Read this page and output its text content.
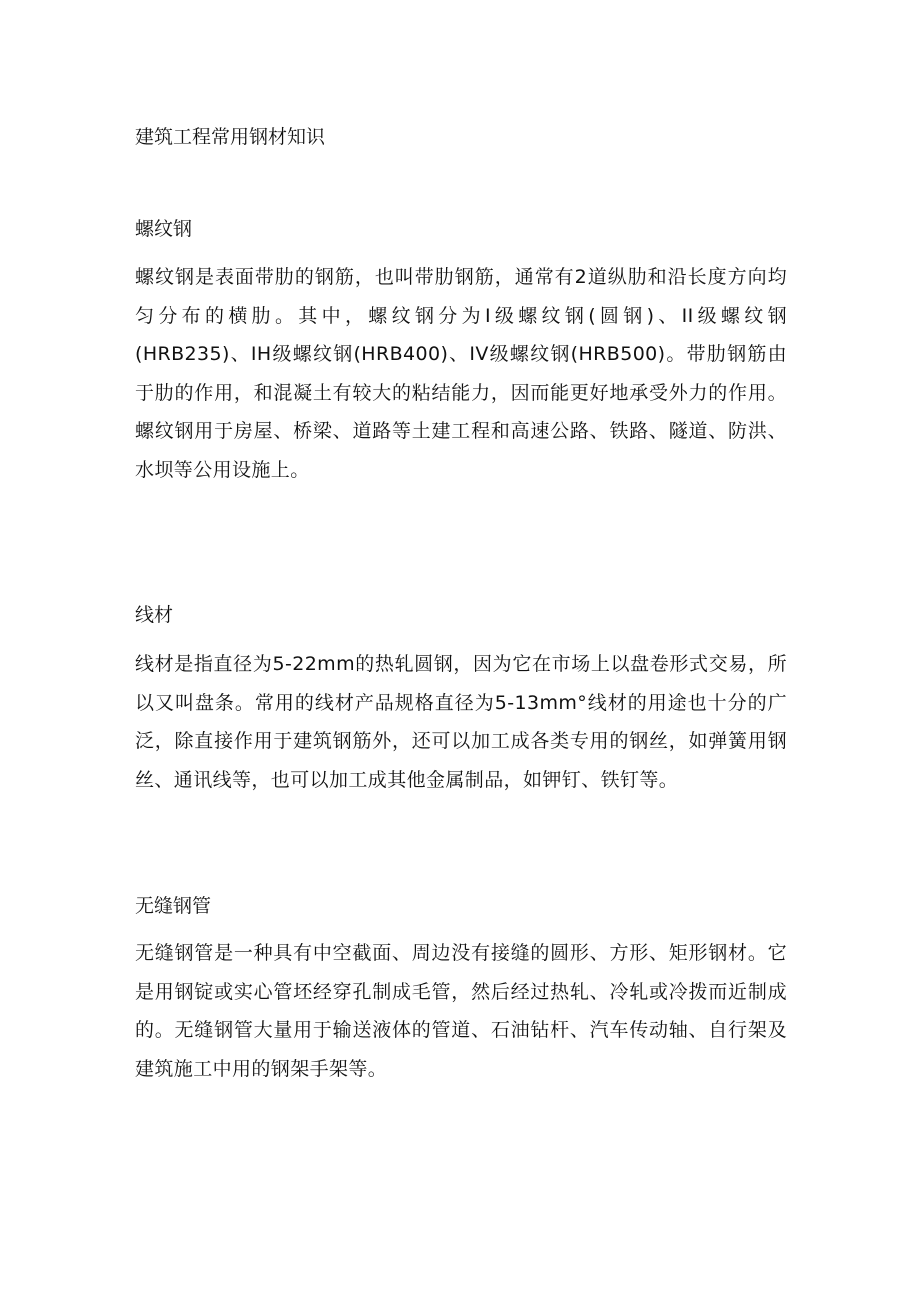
建筑工程常用钢材知识
螺纹钢
螺纹钢是表面带肋的钢筋，也叫带肋钢筋，通常有2道纵肋和沿长度方向均匀分布的横肋。其中，螺纹钢分为I级螺纹钢(圆钢)、II级螺纹钢(HRB235)、IH级螺纹钢(HRB400)、IV级螺纹钢(HRB500)。带肋钢筋由于肋的作用，和混凝土有较大的粘结能力，因而能更好地承受外力的作用。螺纹钢用于房屋、桥梁、道路等土建工程和高速公路、铁路、隧道、防洪、水坝等公用设施上。
线材
线材是指直径为5-22mm的热轧圆钢，因为它在市场上以盘卷形式交易，所以又叫盘条。常用的线材产品规格直径为5-13mm°线材的用途也十分的广泛，除直接作用于建筑钢筋外，还可以加工成各类专用的钢丝，如弹簧用钢丝、通讯线等，也可以加工成其他金属制品，如钾钉、铁钉等。
无缝钢管
无缝钢管是一种具有中空截面、周边没有接缝的圆形、方形、矩形钢材。它是用钢锭或实心管坯经穿孔制成毛管，然后经过热轧、冷轧或冷拨而近制成的。无缝钢管大量用于输送液体的管道、石油钻杆、汽车传动轴、自行架及建筑施工中用的钢架手架等。
